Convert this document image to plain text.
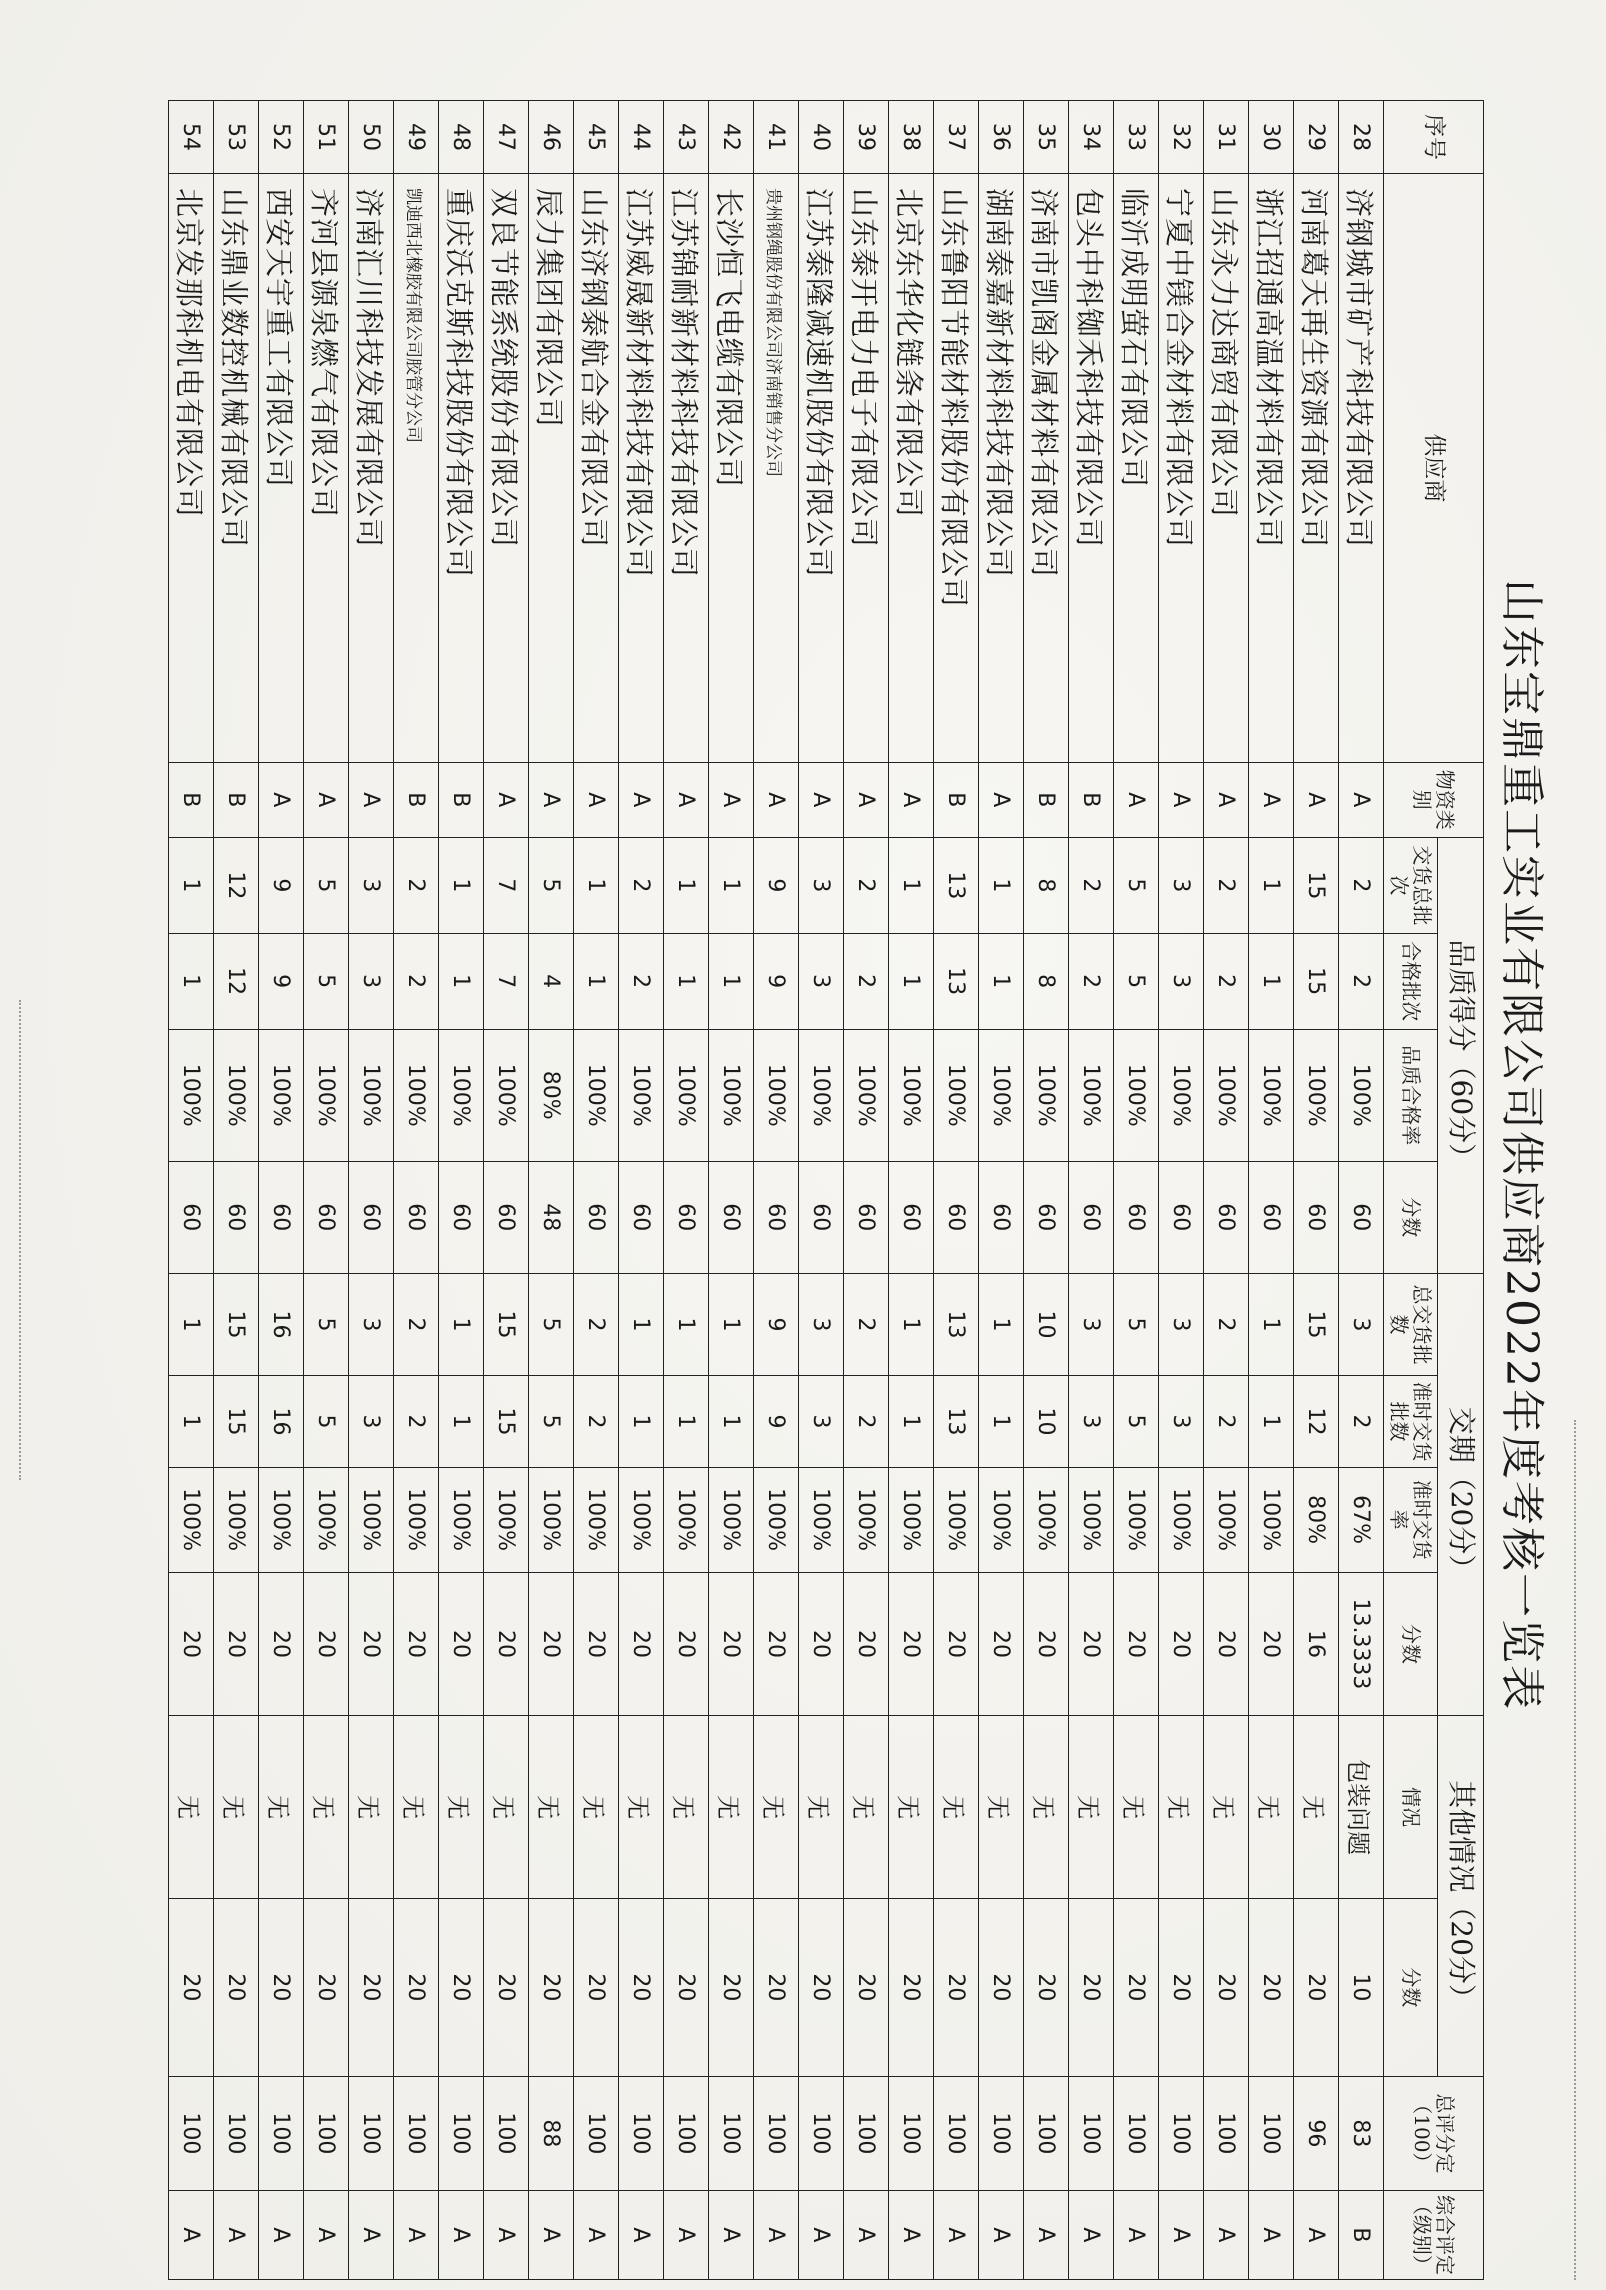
山东宝鼎重工实业有限公司供应商2022年度考核一览表
序号	供应商	物资类别	品质得分（60分）				交期（20分）				其他情况（20分）		总评分定（100）	综合评定（级别）
			交货总批次	合格批次	品质合格率	分数	总交货批数	准时交货批数	准时交货率	分数	情况	分数		
28	济钢城市矿产科技有限公司	A	2	2	100%	60	3	2	67%	13.3333	包装问题	10	83	B
29	河南葛天再生资源有限公司	A	15	15	100%	60	15	12	80%	16	无	20	96	A
30	浙江招通高温材料有限公司	A	1	1	100%	60	1	1	100%	20	无	20	100	A
31	山东永力达商贸有限公司	A	2	2	100%	60	2	2	100%	20	无	20	100	A
32	宁夏中镁合金材料有限公司	A	3	3	100%	60	3	3	100%	20	无	20	100	A
33	临沂成明萤石有限公司	A	5	5	100%	60	5	5	100%	20	无	20	100	A
34	包头中科铷禾科技有限公司	B	2	2	100%	60	3	3	100%	20	无	20	100	A
35	济南市凯阁金属材料有限公司	B	8	8	100%	60	10	10	100%	20	无	20	100	A
36	湖南泰嘉新材料科技有限公司	A	1	1	100%	60	1	1	100%	20	无	20	100	A
37	山东鲁阳节能材料股份有限公司	B	13	13	100%	60	13	13	100%	20	无	20	100	A
38	北京东华化链条有限公司	A	1	1	100%	60	1	1	100%	20	无	20	100	A
39	山东泰开电力电子有限公司	A	2	2	100%	60	2	2	100%	20	无	20	100	A
40	江苏泰隆减速机股份有限公司	A	3	3	100%	60	3	3	100%	20	无	20	100	A
41	贵州钢绳股份有限公司济南销售分公司	A	9	9	100%	60	9	9	100%	20	无	20	100	A
42	长沙恒飞电缆有限公司	A	1	1	100%	60	1	1	100%	20	无	20	100	A
43	江苏锦耐新材料科技有限公司	A	1	1	100%	60	1	1	100%	20	无	20	100	A
44	江苏威晟新材料科技有限公司	A	2	2	100%	60	1	1	100%	20	无	20	100	A
45	山东济钢泰航合金有限公司	A	1	1	100%	60	2	2	100%	20	无	20	100	A
46	辰力集团有限公司	A	5	4	80%	48	5	5	100%	20	无	20	88	A
47	双良节能系统股份有限公司	A	7	7	100%	60	15	15	100%	20	无	20	100	A
48	重庆沃克斯科技股份有限公司	B	1	1	100%	60	1	1	100%	20	无	20	100	A
49	凯迪西北橡胶有限公司胶管分公司	B	2	2	100%	60	2	2	100%	20	无	20	100	A
50	济南汇川科技发展有限公司	A	3	3	100%	60	3	3	100%	20	无	20	100	A
51	齐河县源泉燃气有限公司	A	5	5	100%	60	5	5	100%	20	无	20	100	A
52	西安天宇重工有限公司	A	9	9	100%	60	16	16	100%	20	无	20	100	A
53	山东鼎业数控机械有限公司	B	12	12	100%	60	15	15	100%	20	无	20	100	A
54	北京发那科机电有限公司	B	1	1	100%	60	1	1	100%	20	无	20	100	A
